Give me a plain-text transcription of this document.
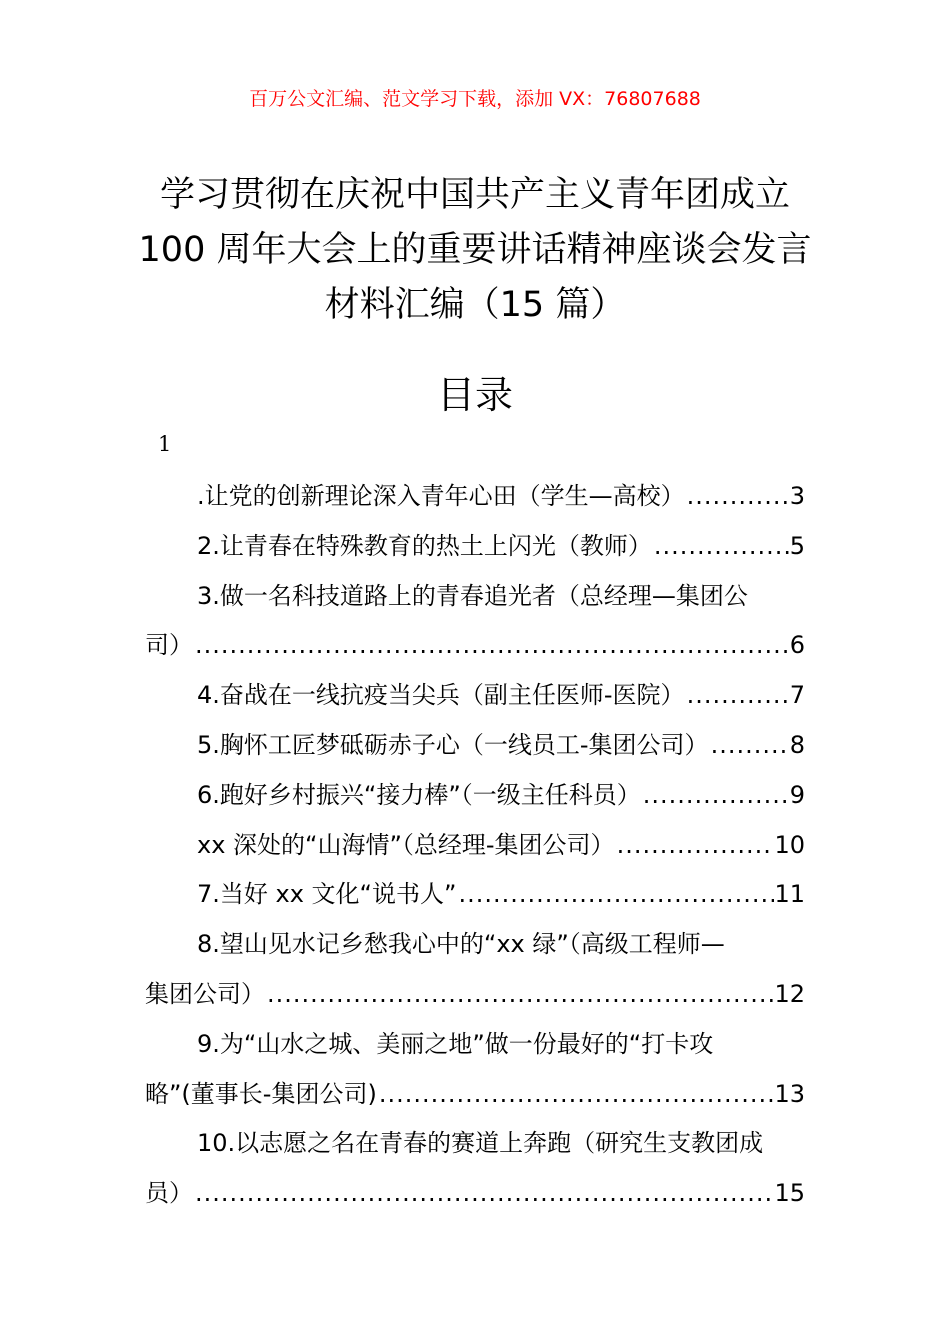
百万公文汇编、范文学习下载，添加 VX：76807688
学习贯彻在庆祝中国共产主义青年团成立
100 周年大会上的重要讲话精神座谈会发言
材料汇编（15 篇）
目录
1
.让党的创新理论深入青年心田（学生—高校） .....	3
2.让青春在特殊教育的热土上闪光（教师） .....	5
3.做一名科技道路上的青春追光者（总经理—集团公
司） .....	6
4.奋战在一线抗疫当尖兵（副主任医师-医院） .....	7
5.胸怀工匠梦砥砺赤子心（一线员工-集团公司） .....	8
6.跑好乡村振兴“接力棒”（一级主任科员） .....	9
xx 深处的“山海情”（总经理-集团公司） .....	10
7.当好 xx 文化“说书人” .....	11
8.望山见水记乡愁我心中的“xx 绿”（高级工程师—
集团公司） .....	12
9.为“山水之城、美丽之地”做一份最好的“打卡攻
略”(董事长-集团公司) .....	13
10.以志愿之名在青春的赛道上奔跑（研究生支教团成
员） .....	15
